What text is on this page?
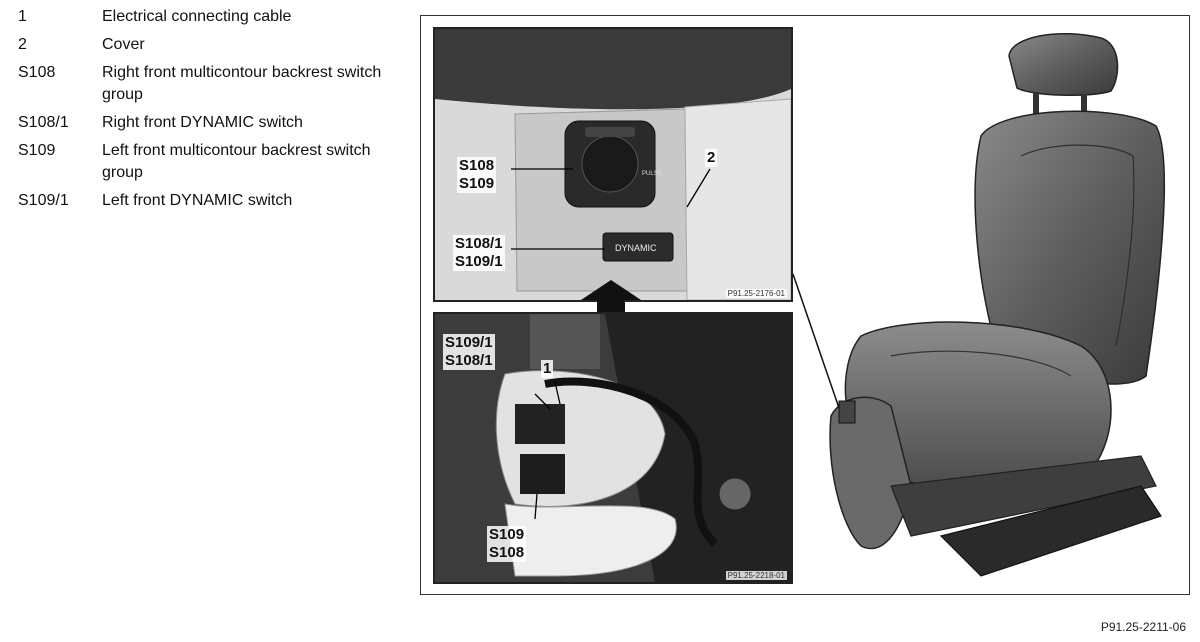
1	Electrical connecting cable
2	Cover
S108	Right front multicontour backrest switch group
S108/1	Right front DYNAMIC switch
S109	Left front multicontour backrest switch group
S109/1	Left front DYNAMIC switch
PULSE
DYNAMIC
S108
S109
S108/1
S109/1
2
P91.25-2176-01
S109/1
S108/1	1
S109
S108
P91.25-2218-01
P91.25-2211-06
